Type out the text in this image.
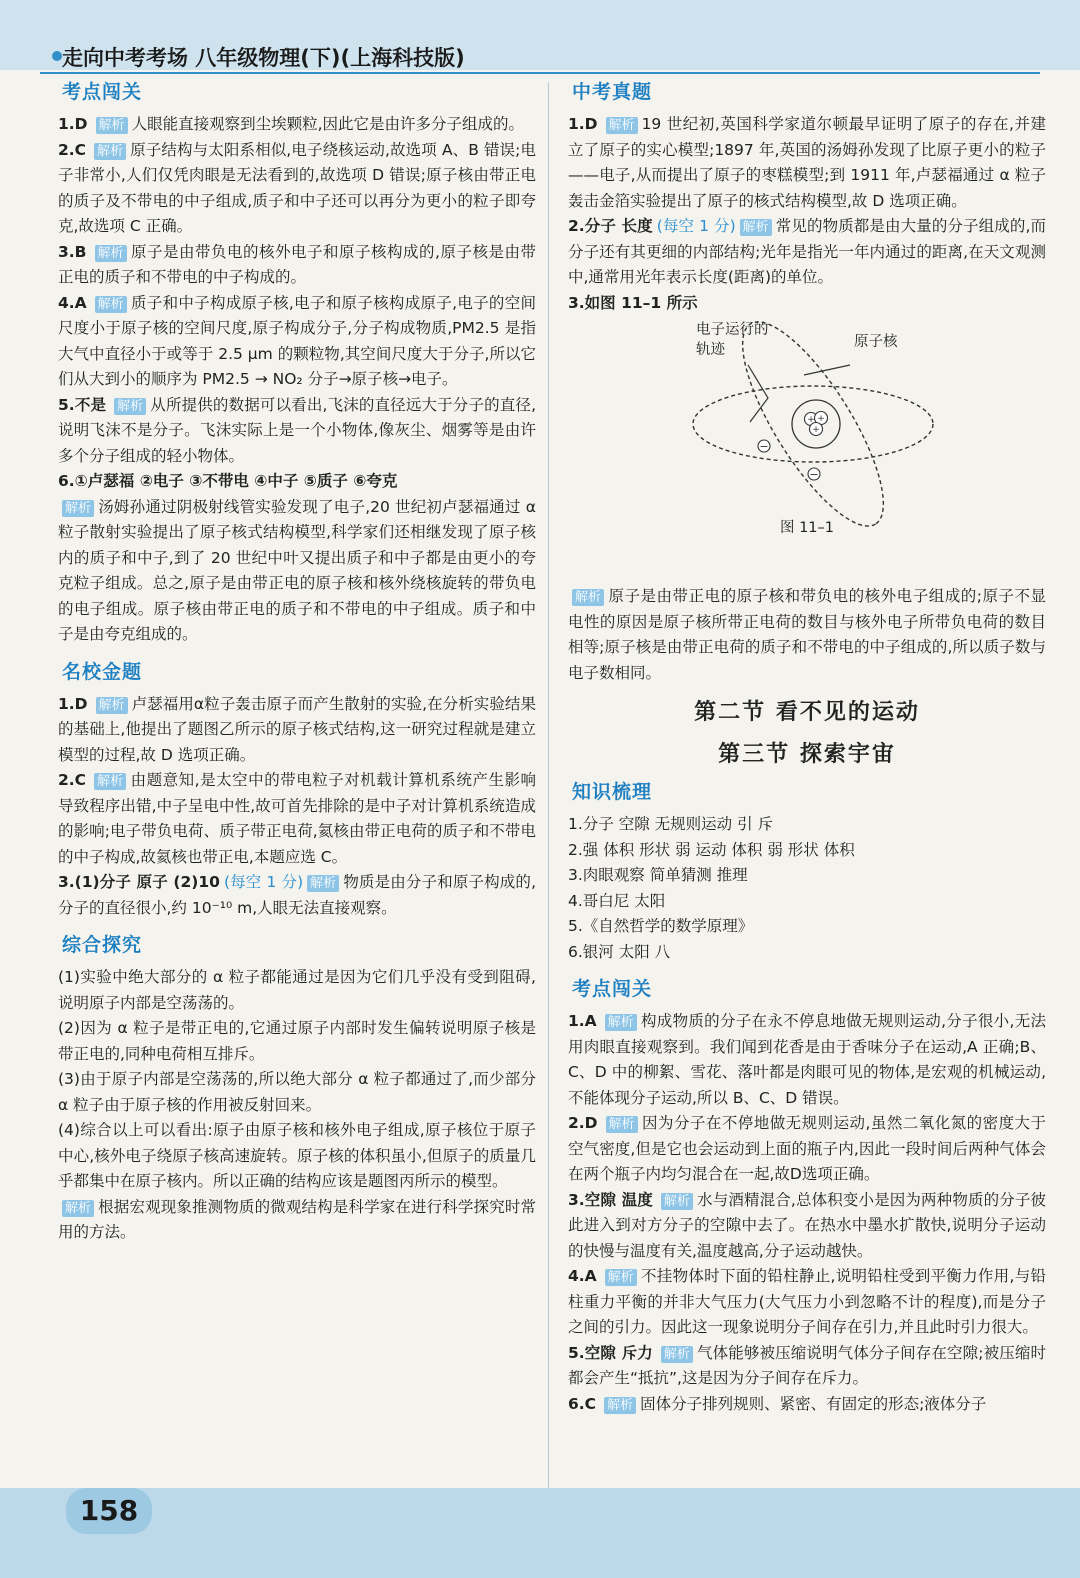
走向中考考场 八年级物理(下)(上海科技版)
考点闯关

1.D 解析 人眼能直接观察到尘埃颗粒,因此它是由许多分子组成的。

2.C 解析 原子结构与太阳系相似,电子绕核运动,故选项 A、B 错误;电子非常小,人们仅凭肉眼是无法看到的,故选项 D 错误;原子核由带正电的质子及不带电的中子组成,质子和中子还可以再分为更小的粒子即夸克,故选项 C 正确。

3.B 解析 原子是由带负电的核外电子和原子核构成的,原子核是由带正电的质子和不带电的中子构成的。

4.A 解析 质子和中子构成原子核,电子和原子核构成原子,电子的空间尺度小于原子核的空间尺度,原子构成分子,分子构成物质,PM2.5 是指大气中直径小于或等于 2.5 μm 的颗粒物,其空间尺度大于分子,所以它们从大到小的顺序为 PM2.5 → NO₂ 分子→原子核→电子。

5.不是 解析 从所提供的数据可以看出,飞沫的直径远大于分子的直径,说明飞沫不是分子。飞沫实际上是一个小物体,像灰尘、烟雾等是由许多个分子组成的轻小物体。

6.①卢瑟福 ②电子 ③不带电 ④中子 ⑤质子 ⑥夸克

解析 汤姆孙通过阴极射线管实验发现了电子,20 世纪初卢瑟福通过 α 粒子散射实验提出了原子核式结构模型,科学家们还相继发现了原子核内的质子和中子,到了 20 世纪中叶又提出质子和中子都是由更小的夸克粒子组成。总之,原子是由带正电的原子核和核外绕核旋转的带负电的电子组成。原子核由带正电的质子和不带电的中子组成。质子和中子是由夸克组成的。

名校金题

1.D 解析 卢瑟福用α粒子轰击原子而产生散射的实验,在分析实验结果的基础上,他提出了题图乙所示的原子核式结构,这一研究过程就是建立模型的过程,故 D 选项正确。

2.C 解析 由题意知,是太空中的带电粒子对机载计算机系统产生影响导致程序出错,中子呈电中性,故可首先排除的是中子对计算机系统造成的影响;电子带负电荷、质子带正电荷,氦核由带正电荷的质子和不带电的中子构成,故氦核也带正电,本题应选 C。

3.(1)分子 原子 (2)10 (每空 1 分) 解析 物质是由分子和原子构成的,分子的直径很小,约 10⁻¹⁰ m,人眼无法直接观察。

综合探究

(1)实验中绝大部分的 α 粒子都能通过是因为它们几乎没有受到阻碍,说明原子内部是空荡荡的。

(2)因为 α 粒子是带正电的,它通过原子内部时发生偏转说明原子核是带正电的,同种电荷相互排斥。

(3)由于原子内部是空荡荡的,所以绝大部分 α 粒子都通过了,而少部分 α 粒子由于原子核的作用被反射回来。

(4)综合以上可以看出:原子由原子核和核外电子组成,原子核位于原子中心,核外电子绕原子核高速旋转。原子核的体积虽小,但原子的质量几乎都集中在原子核内。所以正确的结构应该是题图丙所示的模型。

解析 根据宏观现象推测物质的微观结构是科学家在进行科学探究时常用的方法。

中考真题

1.D 解析 19 世纪初,英国科学家道尔顿最早证明了原子的存在,并建立了原子的实心模型;1897 年,英国的汤姆孙发现了比原子更小的粒子——电子,从而提出了原子的枣糕模型;到 1911 年,卢瑟福通过 α 粒子轰击金箔实验提出了原子的核式结构模型,故 D 选项正确。

2.分子 长度 (每空 1 分) 解析 常见的物质都是由大量的分子组成的,而分子还有其更细的内部结构;光年是指光一年内通过的距离,在天文观测中,通常用光年表示长度(距离)的单位。

3.如图 11–1 所示

+ +
+
−
−
电子运行的轨迹	原子核
图 11–1

解析 原子是由带正电的原子核和带负电的核外电子组成的;原子不显电性的原因是原子核所带正电荷的数目与核外电子所带负电荷的数目相等;原子核是由带正电荷的质子和不带电的中子组成的,所以质子数与电子数相同。

第二节 看不见的运动
第三节 探索宇宙
知识梳理

1.分子 空隙 无规则运动 引 斥

2.强 体积 形状 弱 运动 体积 弱 形状 体积

3.肉眼观察 简单猜测 推理

4.哥白尼 太阳

5.《自然哲学的数学原理》

6.银河 太阳 八

考点闯关

1.A 解析 构成物质的分子在永不停息地做无规则运动,分子很小,无法用肉眼直接观察到。我们闻到花香是由于香味分子在运动,A 正确;B、C、D 中的柳絮、雪花、落叶都是肉眼可见的物体,是宏观的机械运动,不能体现分子运动,所以 B、C、D 错误。

2.D 解析 因为分子在不停地做无规则运动,虽然二氧化氮的密度大于空气密度,但是它也会运动到上面的瓶子内,因此一段时间后两种气体会在两个瓶子内均匀混合在一起,故D选项正确。

3.空隙 温度 解析 水与酒精混合,总体积变小是因为两种物质的分子彼此进入到对方分子的空隙中去了。在热水中墨水扩散快,说明分子运动的快慢与温度有关,温度越高,分子运动越快。

4.A 解析 不挂物体时下面的铅柱静止,说明铅柱受到平衡力作用,与铅柱重力平衡的并非大气压力(大气压力小到忽略不计的程度),而是分子之间的引力。因此这一现象说明分子间存在引力,并且此时引力很大。

5.空隙 斥力 解析 气体能够被压缩说明气体分子间存在空隙;被压缩时都会产生“抵抗”,这是因为分子间存在斥力。

6.C 解析 固体分子排列规则、紧密、有固定的形态;液体分子

158
